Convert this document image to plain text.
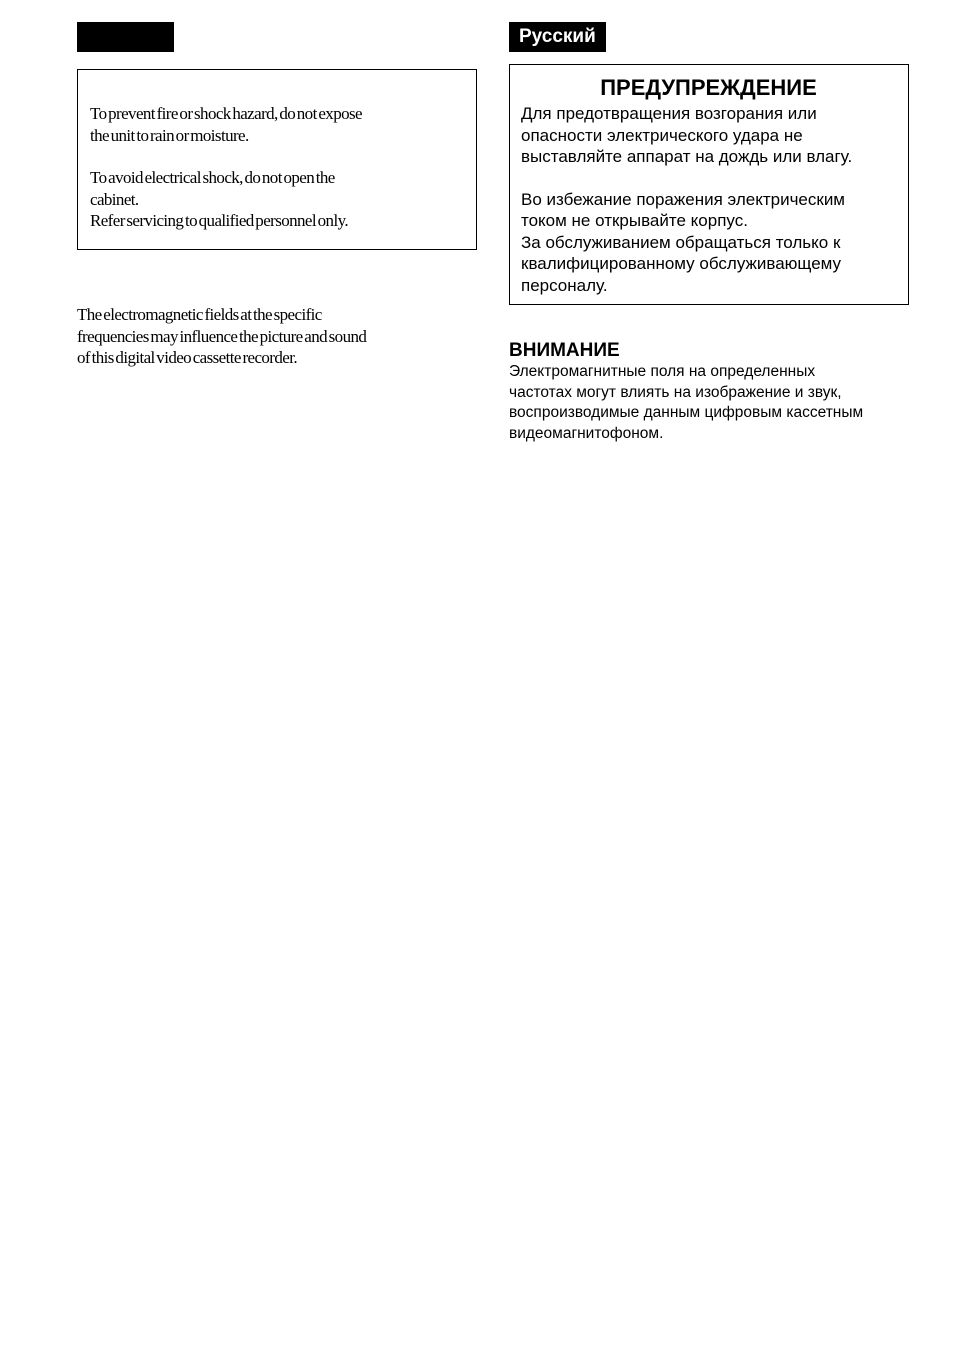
To prevent fire or shock hazard, do not expose
the unit to rain or moisture.

To avoid electrical shock, do not open the
cabinet.
Refer servicing to qualified personnel only.

The electromagnetic fields at the specific
frequencies may influence the picture and sound
of this digital video cassette recorder.

Русский
ПРЕДУПРЕЖДЕНИЕ

Для предотвращения возгорания или
опасности электрического удара не
выставляйте аппарат на дождь или влагу.

Во избежание поражения электрическим
током не открывайте корпус.
За обслуживанием обращаться только к
квалифицированному обслуживающему
персоналу.

ВНИМАНИЕ

Электромагнитные поля на определенных
частотах могут влиять на изображение и звук,
воспроизводимые данным цифровым кассетным
видеомагнитофоном.
